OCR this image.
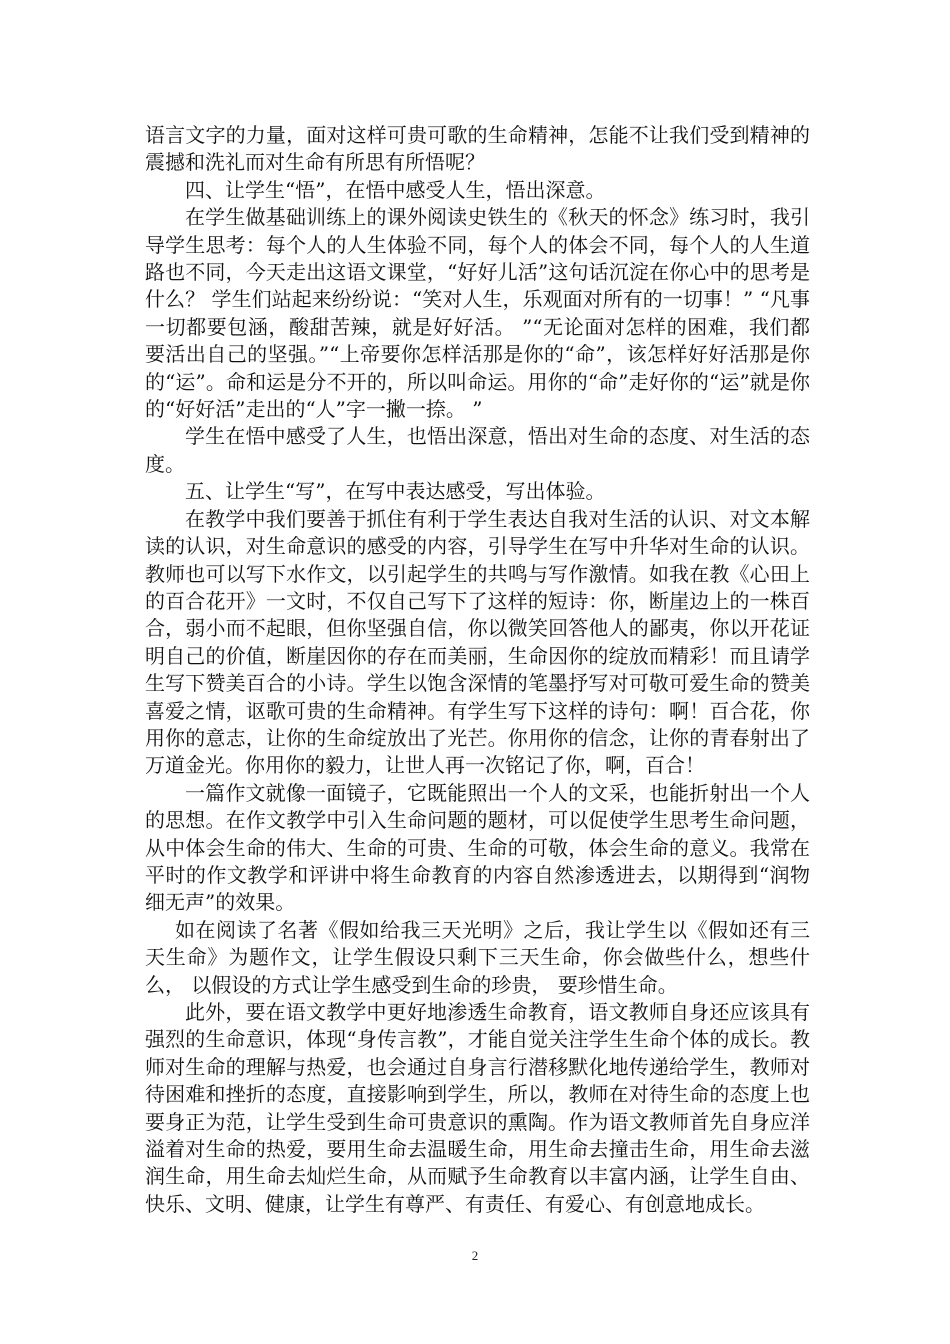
语言文字的力量，面对这样可贵可歌的生命精神，怎能不让我们受到精神的震撼和洗礼而对生命有所思有所悟呢？

四、让学生“悟”，在悟中感受人生，悟出深意。

在学生做基础训练上的课外阅读史铁生的《秋天的怀念》练习时，我引导学生思考：每个人的人生体验不同，每个人的体会不同，每个人的人生道路也不同，今天走出这语文课堂，“好好儿活”这句话沉淀在你心中的思考是什么？ 学生们站起来纷纷说：“笑对人生，乐观面对所有的一切事！” “凡事一切都要包涵，酸甜苦辣，就是好好活。 ”“无论面对怎样的困难，我们都要活出自己的坚强。”“上帝要你怎样活那是你的“命”，该怎样好好活那是你的“运”。命和运是分不开的，所以叫命运。用你的“命”走好你的“运”就是你的“好好活”走出的“人”字一撇一捺。 ”

学生在悟中感受了人生，也悟出深意，悟出对生命的态度、对生活的态度。

五、让学生“写”，在写中表达感受，写出体验。

在教学中我们要善于抓住有利于学生表达自我对生活的认识、对文本解读的认识，对生命意识的感受的内容，引导学生在写中升华对生命的认识。教师也可以写下水作文，以引起学生的共鸣与写作激情。如我在教《心田上的百合花开》一文时，不仅自己写下了这样的短诗：你，断崖边上的一株百合，弱小而不起眼，但你坚强自信，你以微笑回答他人的鄙夷，你以开花证明自己的价值，断崖因你的存在而美丽，生命因你的绽放而精彩！而且请学生写下赞美百合的小诗。学生以饱含深情的笔墨抒写对可敬可爱生命的赞美喜爱之情，讴歌可贵的生命精神。有学生写下这样的诗句：啊！百合花，你用你的意志，让你的生命绽放出了光芒。你用你的信念，让你的青春射出了万道金光。你用你的毅力，让世人再一次铭记了你，啊，百合！

一篇作文就像一面镜子，它既能照出一个人的文采，也能折射出一个人的思想。在作文教学中引入生命问题的题材，可以促使学生思考生命问题，从中体会生命的伟大、生命的可贵、生命的可敬，体会生命的意义。我常在平时的作文教学和评讲中将生命教育的内容自然渗透进去，以期得到“润物细无声”的效果。

如在阅读了名著《假如给我三天光明》之后，我让学生以《假如还有三天生命》为题作文，让学生假设只剩下三天生命，你会做些什么，想些什么， 以假设的方式让学生感受到生命的珍贵， 要珍惜生命。

此外，要在语文教学中更好地渗透生命教育，语文教师自身还应该具有强烈的生命意识，体现“身传言教”，才能自觉关注学生生命个体的成长。教师对生命的理解与热爱，也会通过自身言行潜移默化地传递给学生，教师对待困难和挫折的态度，直接影响到学生，所以，教师在对待生命的态度上也要身正为范，让学生受到生命可贵意识的熏陶。作为语文教师首先自身应洋溢着对生命的热爱，要用生命去温暖生命，用生命去撞击生命，用生命去滋润生命，用生命去灿烂生命，从而赋予生命教育以丰富内涵，让学生自由、快乐、文明、健康，让学生有尊严、有责任、有爱心、有创意地成长。

2
